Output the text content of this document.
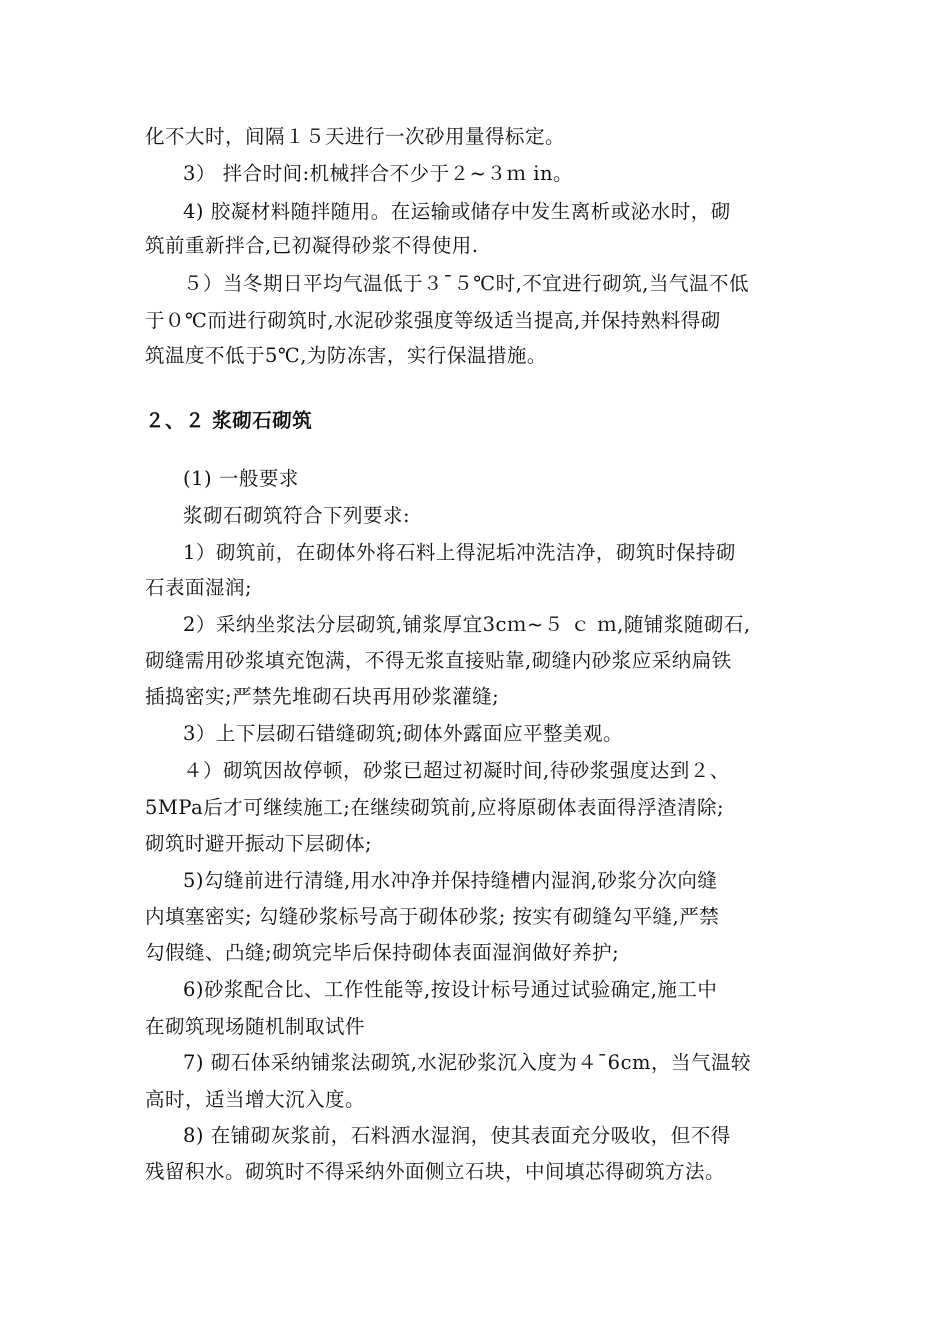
化不大时，间隔１５天进行一次砂用量得标定。
3） 拌合时间:机械拌合不少于２~３ｍ in。
4) 胶凝材料随拌随用。在运输或储存中发生离析或泌水时，砌
筑前重新拌合,已初凝得砂浆不得使用.
５）当冬期日平均气温低于３¯５℃时,不宜进行砌筑,当气温不低
于０℃而进行砌筑时,水泥砂浆强度等级适当提高,并保持熟料得砌
筑温度不低于5℃,为防冻害，实行保温措施。
２、２ 浆砌石砌筑
(1) 一般要求
浆砌石砌筑符合下列要求:
1）砌筑前，在砌体外将石料上得泥垢冲洗洁净，砌筑时保持砌
石表面湿润;
2）采纳坐浆法分层砌筑,铺浆厚宜3cｍ~５ ｃ ｍ,随铺浆随砌石,
砌缝需用砂浆填充饱满，不得无浆直接贴靠,砌缝内砂浆应采纳扁铁
插捣密实;严禁先堆砌石块再用砂浆灌缝;
3）上下层砌石错缝砌筑;砌体外露面应平整美观。
４）砌筑因故停顿，砂浆已超过初凝时间,待砂浆强度达到２、
5MPa后才可继续施工;在继续砌筑前,应将原砌体表面得浮渣清除;
砌筑时避开振动下层砌体;
5)勾缝前进行清缝,用水冲净并保持缝槽内湿润,砂浆分次向缝
内填塞密实; 勾缝砂浆标号高于砌体砂浆; 按实有砌缝勾平缝,严禁
勾假缝、凸缝;砌筑完毕后保持砌体表面湿润做好养护;
6)砂浆配合比、工作性能等,按设计标号通过试验确定,施工中
在砌筑现场随机制取试件
7) 砌石体采纳铺浆法砌筑,水泥砂浆沉入度为４¯6cm，当气温较
高时，适当增大沉入度。
8) 在铺砌灰浆前，石料洒水湿润，使其表面充分吸收，但不得
残留积水。砌筑时不得采纳外面侧立石块，中间填芯得砌筑方法。
